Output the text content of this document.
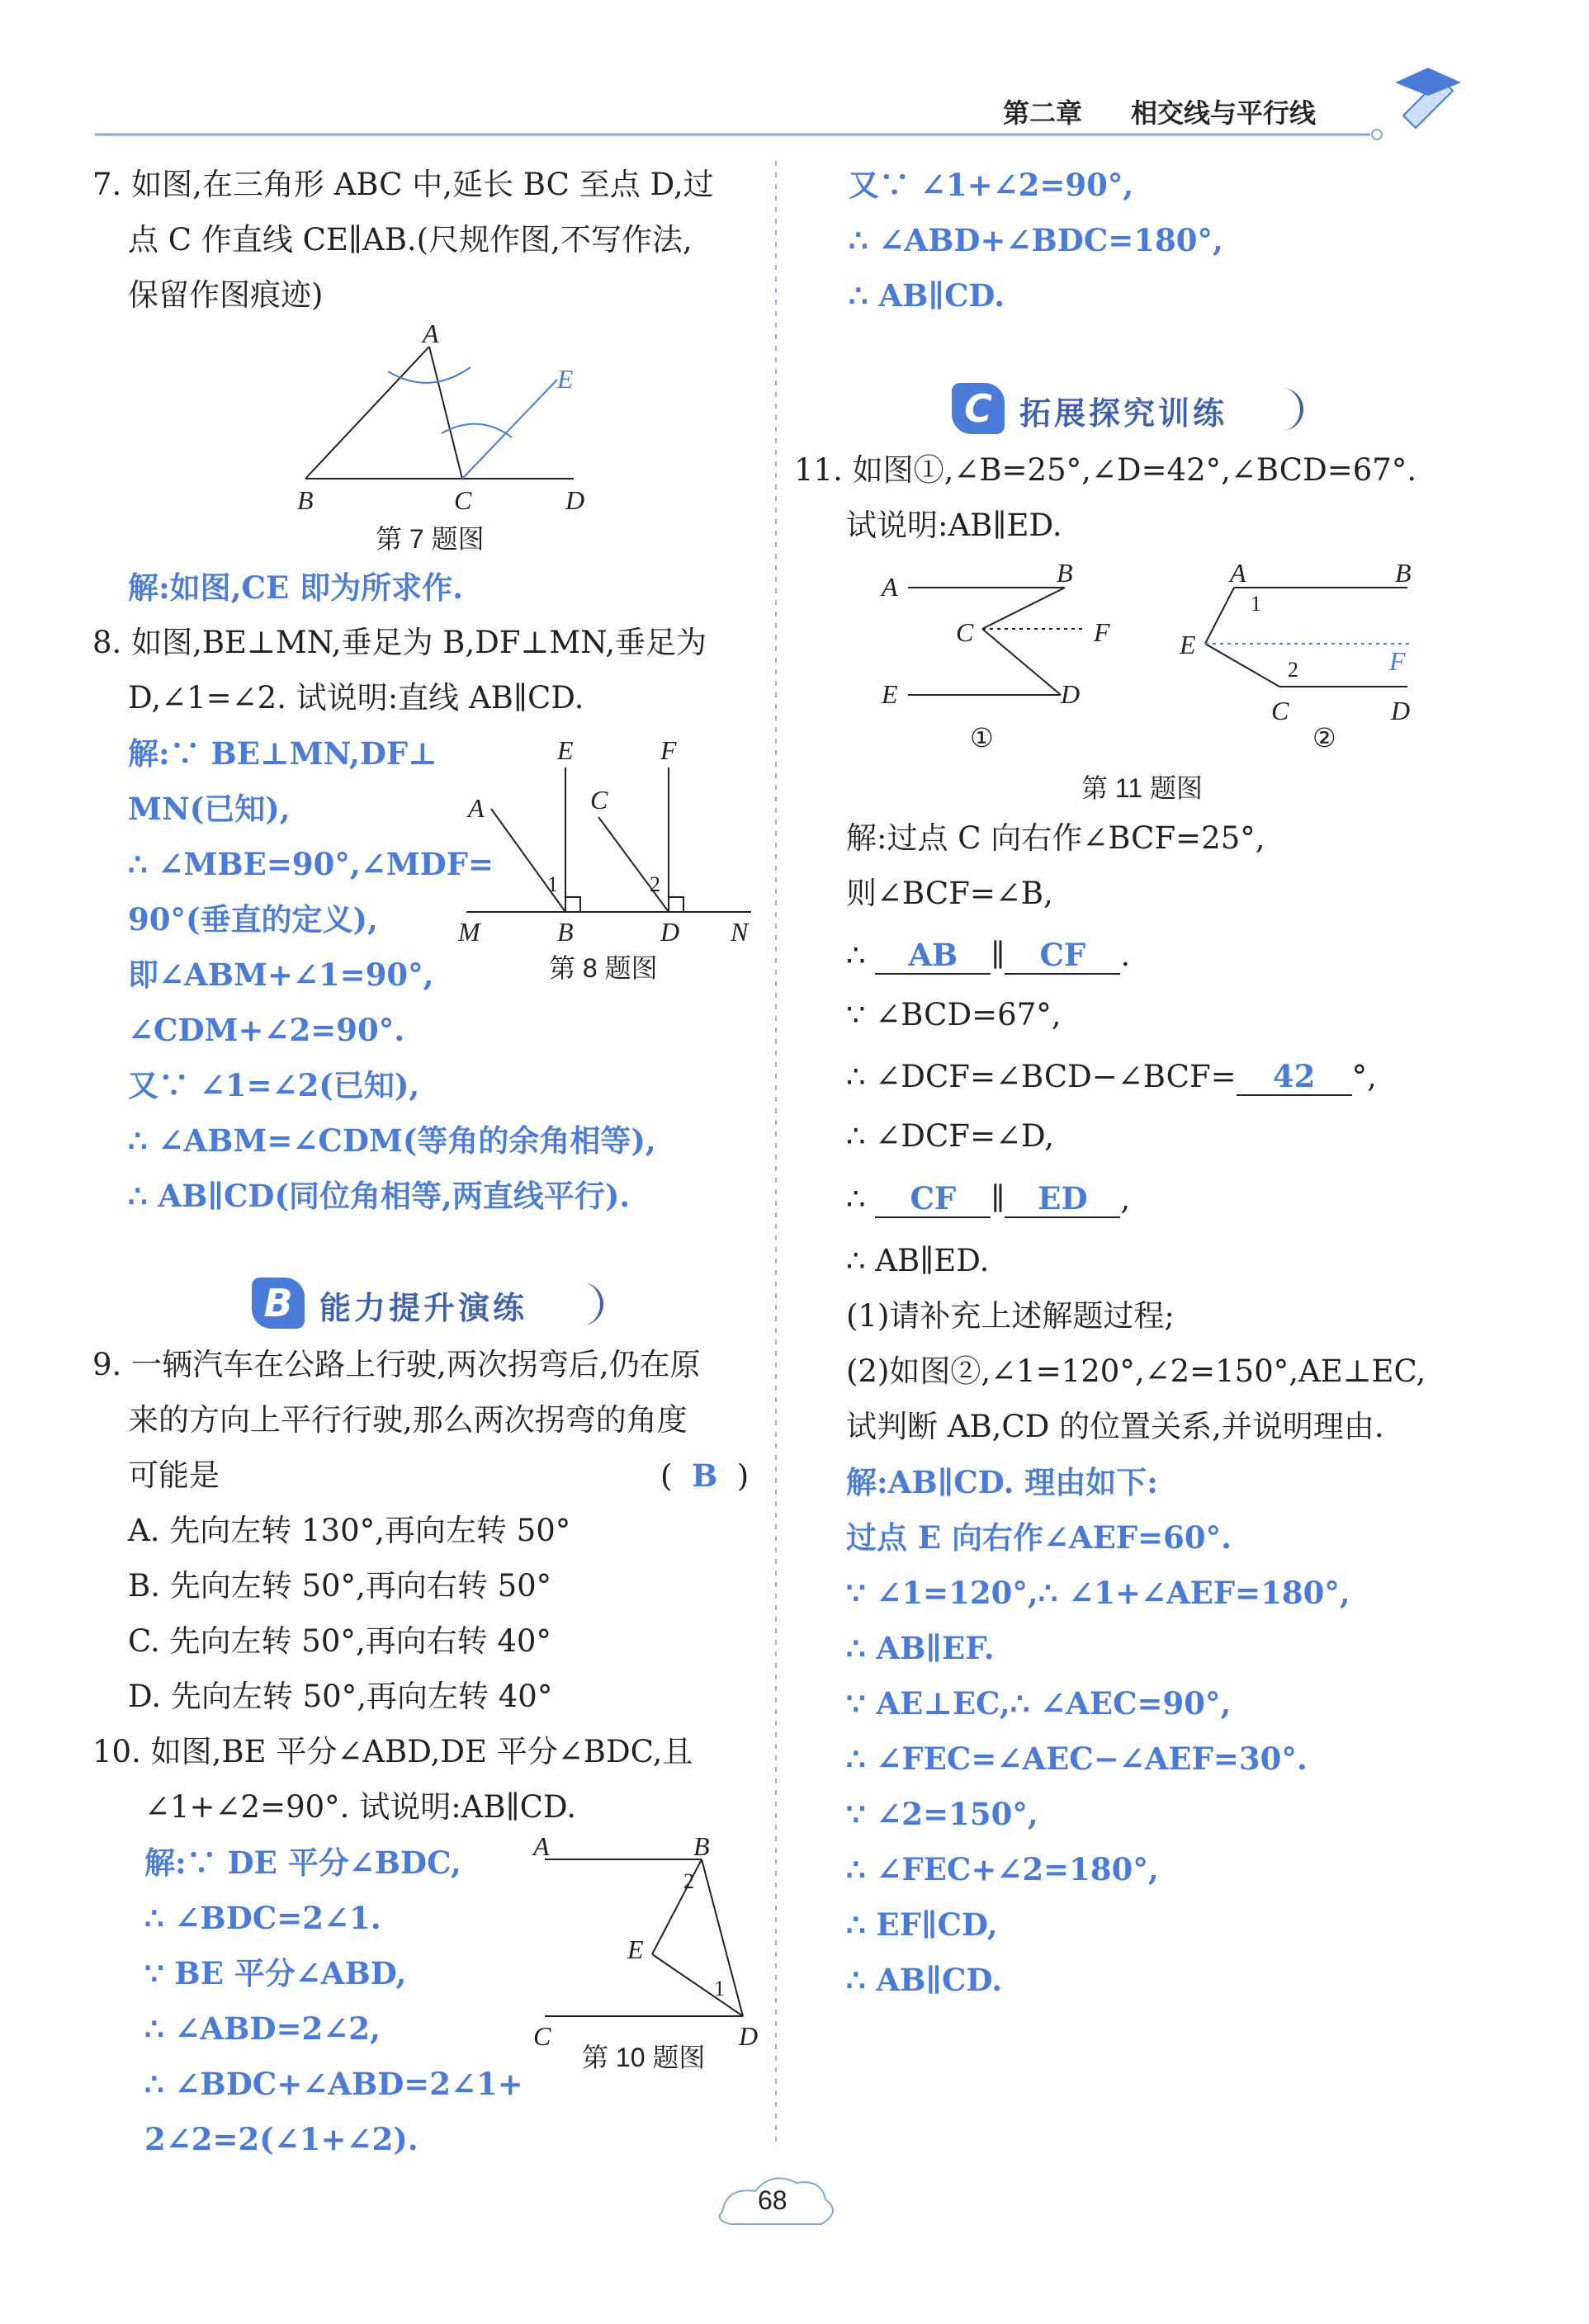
第二章 相交线与平行线
7. 如图,在三角形 ABC 中,延长 BC 至点 D,过
点 C 作直线 CE∥AB.(尺规作图,不写作法,
保留作图痕迹)
A
B	C	D
E
第 7 题图
解:如图,CE 即为所求作.
8. 如图,BE⊥MN,垂足为 B,DF⊥MN,垂足为
D,∠1=∠2. 试说明:直线 AB∥CD.
解:∵ BE⊥MN,DF⊥
MN(已知),
∴ ∠MBE=90°,∠MDF=
90°(垂直的定义),
即∠ABM+∠1=90°,
∠CDM+∠2=90°.
又∵ ∠1=∠2(已知),
∴ ∠ABM=∠CDM(等角的余角相等),
∴ AB∥CD(同位角相等,两直线平行).
E	F
A	C
1	2
M	B	D N
第 8 题图
B 能力提升演练
9. 一辆汽车在公路上行驶,两次拐弯后,仍在原
来的方向上平行行驶,那么两次拐弯的角度
可能是	( B )
A. 先向左转 130°,再向左转 50°
B. 先向左转 50°,再向右转 50°
C. 先向左转 50°,再向右转 40°
D. 先向左转 50°,再向左转 40°
10. 如图,BE 平分∠ABD,DE 平分∠BDC,且
∠1+∠2=90°. 试说明:AB∥CD.
解:∵ DE 平分∠BDC,
∴ ∠BDC=2∠1.
∵ BE 平分∠ABD,
∴ ∠ABD=2∠2,
∴ ∠BDC+∠ABD=2∠1+
2∠2=2(∠1+∠2).
A	B
2
E
1
C	D
第 10 题图
又∵ ∠1+∠2=90°,
∴ ∠ABD+∠BDC=180°,
∴ AB∥CD.
C 拓展探究训练
11. 如图①,∠B=25°,∠D=42°,∠BCD=67°.
试说明:AB∥ED.
A	B
C	F
E	D
①
A	B
1
E
F
2
C	D
②
第 11 题图
解:过点 C 向右作∠BCF=25°,
则∠BCF=∠B,
∴ AB ∥ CF .
∵ ∠BCD=67°,
∴ ∠DCF=∠BCD−∠BCF= 42 °,
∴ ∠DCF=∠D,
∴ CF ∥ ED ,
∴ AB∥ED.
(1)请补充上述解题过程;
(2)如图②,∠1=120°,∠2=150°,AE⊥EC,
试判断 AB,CD 的位置关系,并说明理由.
解:AB∥CD. 理由如下:
过点 E 向右作∠AEF=60°.
∵ ∠1=120°,∴ ∠1+∠AEF=180°,
∴ AB∥EF.
∵ AE⊥EC,∴ ∠AEC=90°,
∴ ∠FEC=∠AEC−∠AEF=30°.
∵ ∠2=150°,
∴ ∠FEC+∠2=180°,
∴ EF∥CD,
∴ AB∥CD.
68
